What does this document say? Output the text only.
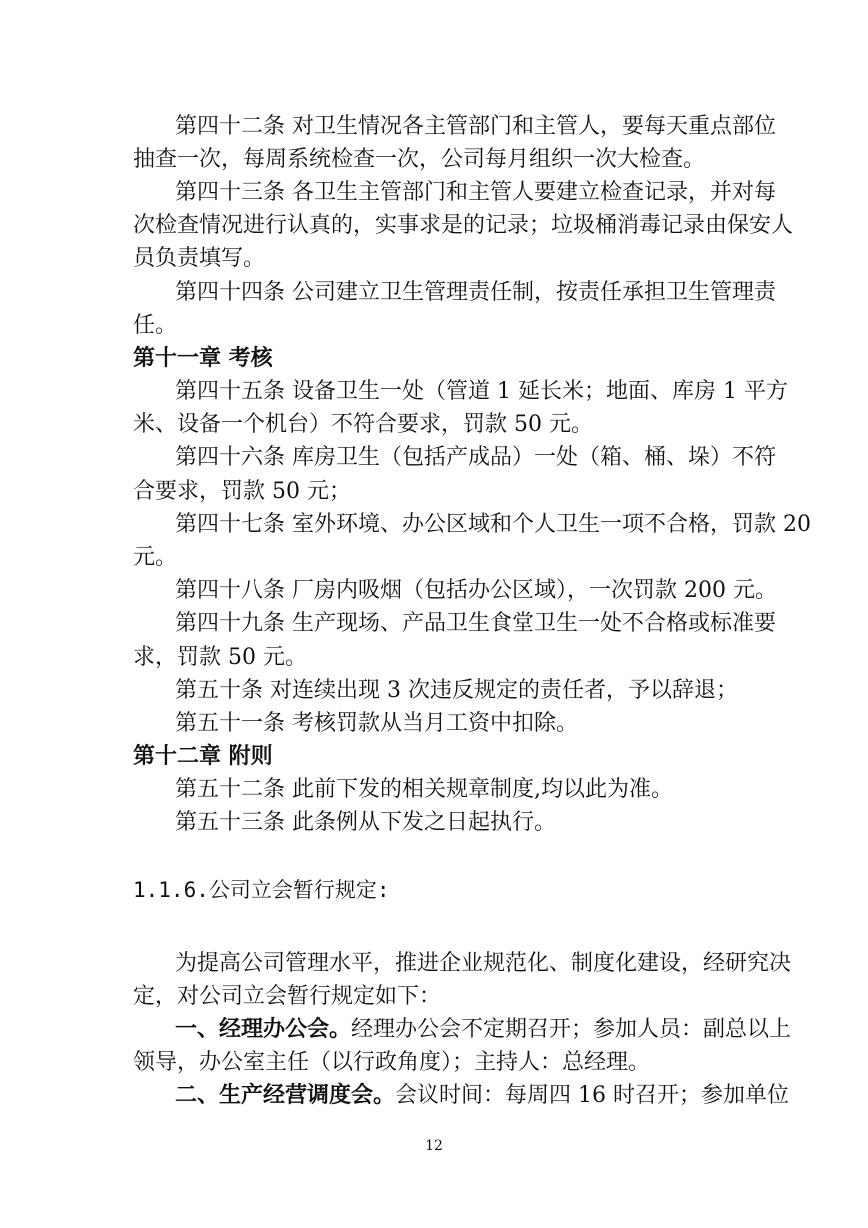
第四十二条 对卫生情况各主管部门和主管人，要每天重点部位
抽查一次，每周系统检查一次，公司每月组织一次大检查。
第四十三条 各卫生主管部门和主管人要建立检查记录，并对每
次检查情况进行认真的，实事求是的记录；垃圾桶消毒记录由保安人
员负责填写。
第四十四条 公司建立卫生管理责任制，按责任承担卫生管理责
任。
第十一章 考核
第四十五条 设备卫生一处（管道 1 延长米；地面、库房 1 平方
米、设备一个机台）不符合要求，罚款 50 元。
第四十六条 库房卫生（包括产成品）一处（箱、桶、垛）不符
合要求，罚款 50 元；
第四十七条 室外环境、办公区域和个人卫生一项不合格，罚款 20
元。
第四十八条 厂房内吸烟（包括办公区域），一次罚款 200 元。
第四十九条 生产现场、产品卫生食堂卫生一处不合格或标准要
求，罚款 50 元。
第五十条 对连续出现 3 次违反规定的责任者，予以辞退；
第五十一条 考核罚款从当月工资中扣除。
第十二章 附则
第五十二条 此前下发的相关规章制度,均以此为准。
第五十三条 此条例从下发之日起执行。
1.1.6.公司立会暂行规定:
为提高公司管理水平，推进企业规范化、制度化建设，经研究决
定，对公司立会暂行规定如下：
一、经理办公会。经理办公会不定期召开；参加人员：副总以上
领导，办公室主任（以行政角度）；主持人：总经理。
二、生产经营调度会。会议时间：每周四 16 时召开；参加单位
12
